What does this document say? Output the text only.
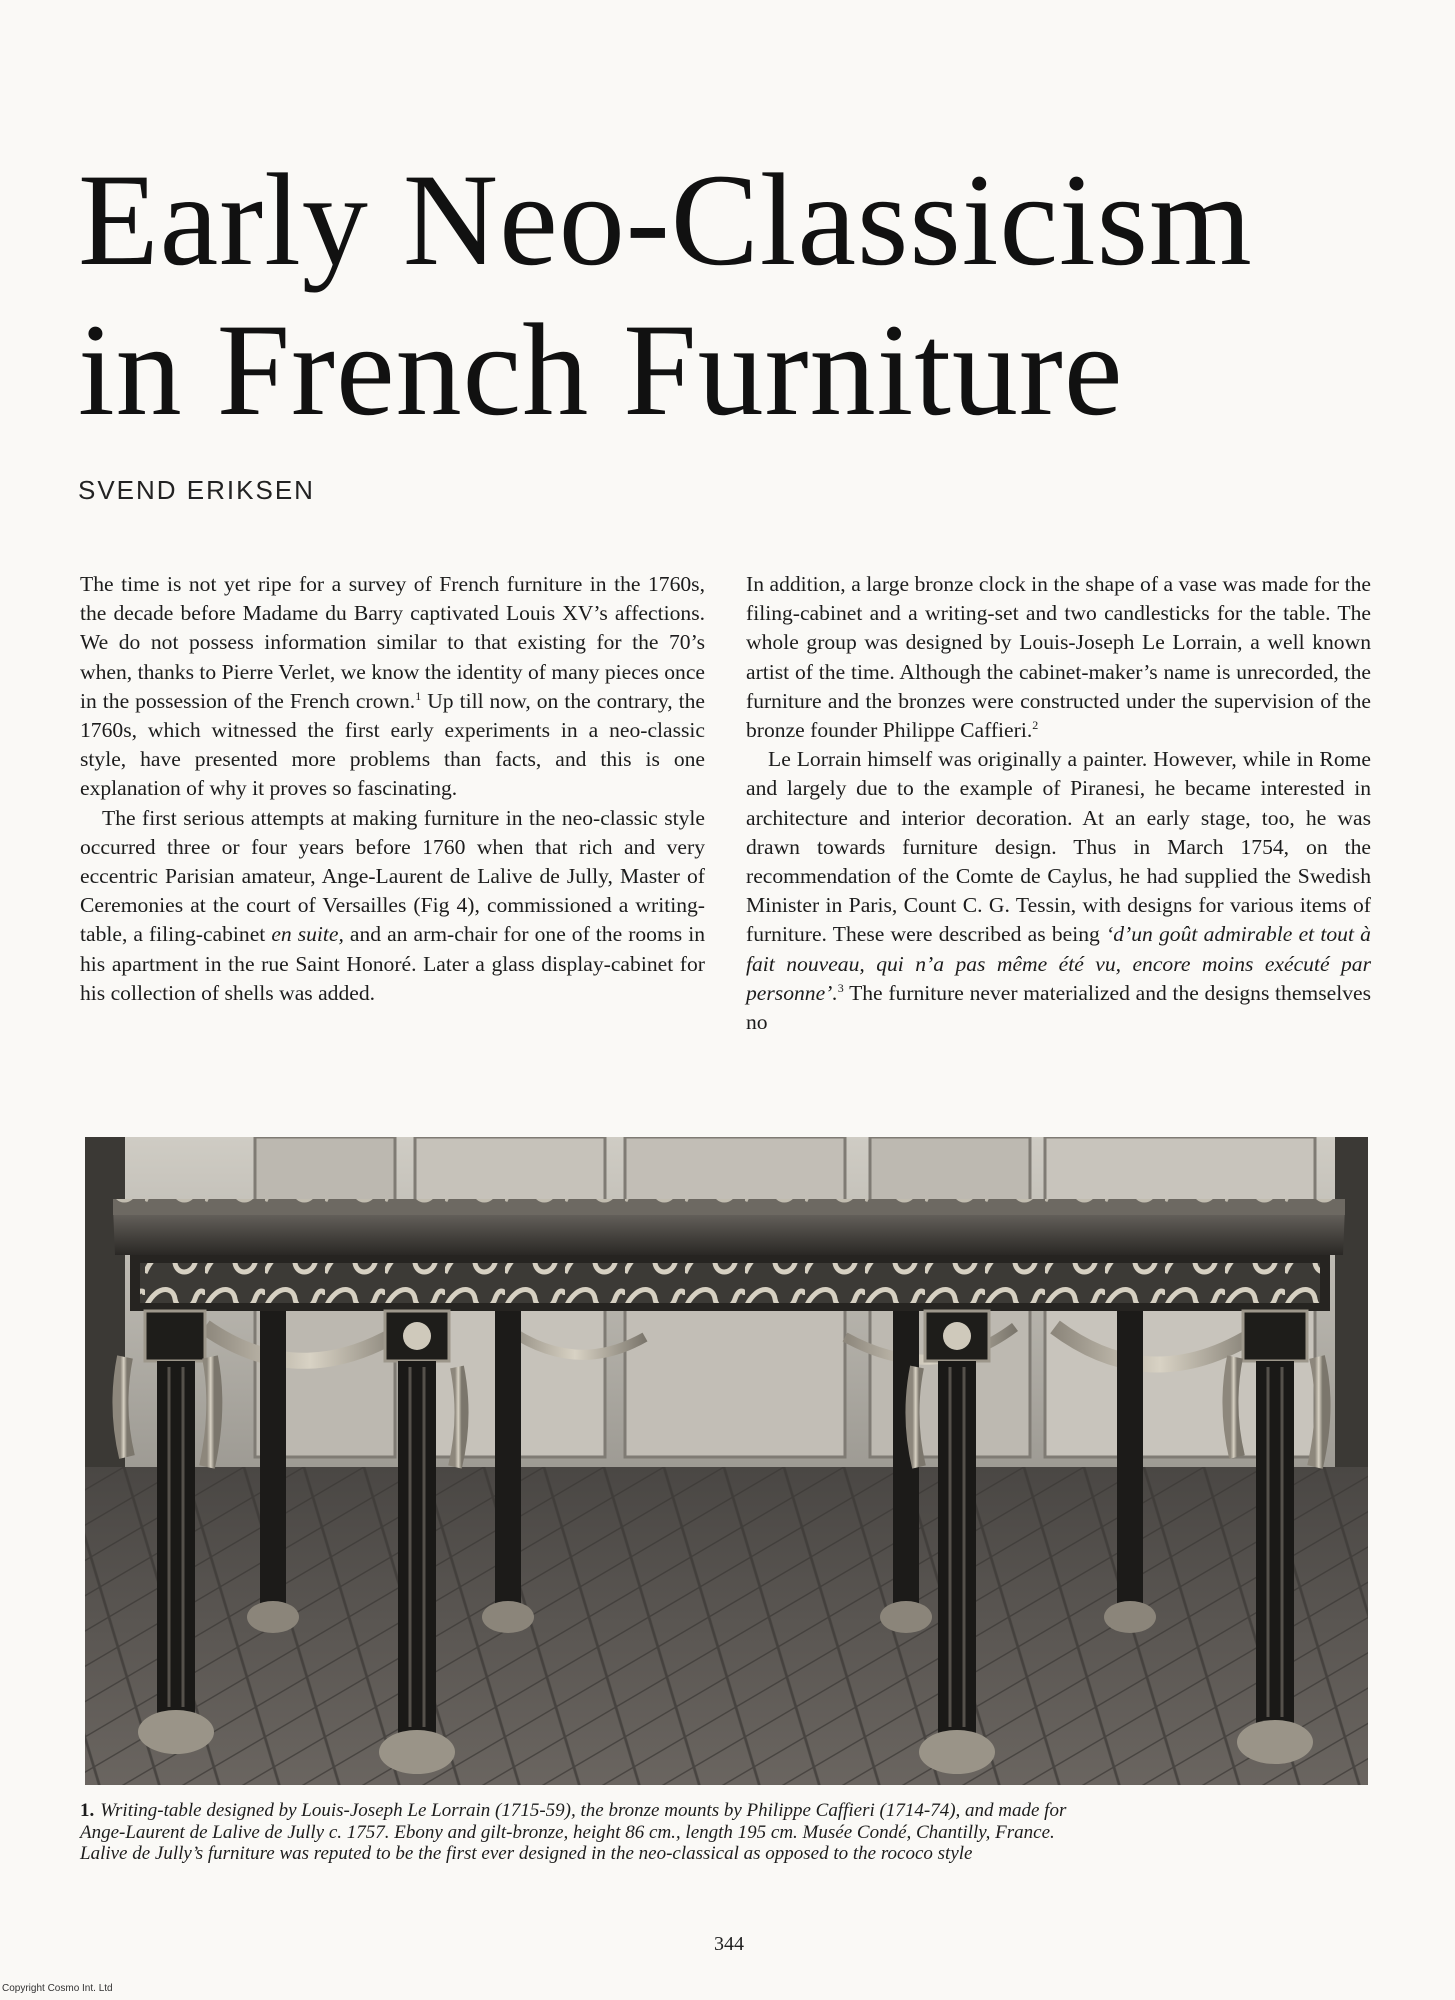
Early Neo-Classicism
in French Furniture
SVEND ERIKSEN

The time is not yet ripe for a survey of French furniture in the 1760s, the decade before Madame du Barry captivated Louis XV’s affections. We do not possess information similar to that existing for the 70’s when, thanks to Pierre Verlet, we know the identity of many pieces once in the possession of the French crown.$^1$ Up till now, on the contrary, the 1760s, which witnessed the first early experiments in a neo-classic style, have presented more problems than facts, and this is one explanation of why it proves so fascinating.

The first serious attempts at making furniture in the neo-classic style occurred three or four years before 1760 when that rich and very eccentric Parisian amateur, Ange-Laurent de Lalive de Jully, Master of Ceremonies at the court of Versailles (Fig 4), commissioned a writing-table, a filing-cabinet en suite, and an arm-chair for one of the rooms in his apartment in the rue Saint Honoré. Later a glass display-cabinet for his collection of shells was added.

In addition, a large bronze clock in the shape of a vase was made for the filing-cabinet and a writing-set and two candlesticks for the table. The whole group was designed by Louis-Joseph Le Lorrain, a well known artist of the time. Although the cabinet-maker’s name is unrecorded, the furniture and the bronzes were constructed under the supervision of the bronze founder Philippe Caffieri.$^2$

Le Lorrain himself was originally a painter. However, while in Rome and largely due to the example of Piranesi, he became interested in architecture and interior decoration. At an early stage, too, he was drawn towards furniture design. Thus in March 1754, on the recommendation of the Comte de Caylus, he had supplied the Swedish Minister in Paris, Count C. G. Tessin, with designs for various items of furniture. These were described as being ‘d’un goût admirable et tout à fait nouveau, qui n’a pas même été vu, encore moins exécuté par personne’.$^3$ The furniture never materialized and the designs themselves no

1. Writing-table designed by Louis-Joseph Le Lorrain (1715-59), the bronze mounts by Philippe Caffieri (1714-74), and made for Ange-Laurent de Lalive de Jully c. 1757. Ebony and gilt-bronze, height 86 cm., length 195 cm. Musée Condé, Chantilly, France. Lalive de Jully’s furniture was reputed to be the first ever designed in the neo-classical as opposed to the rococo style
344
Copyright Cosmo Int. Ltd
